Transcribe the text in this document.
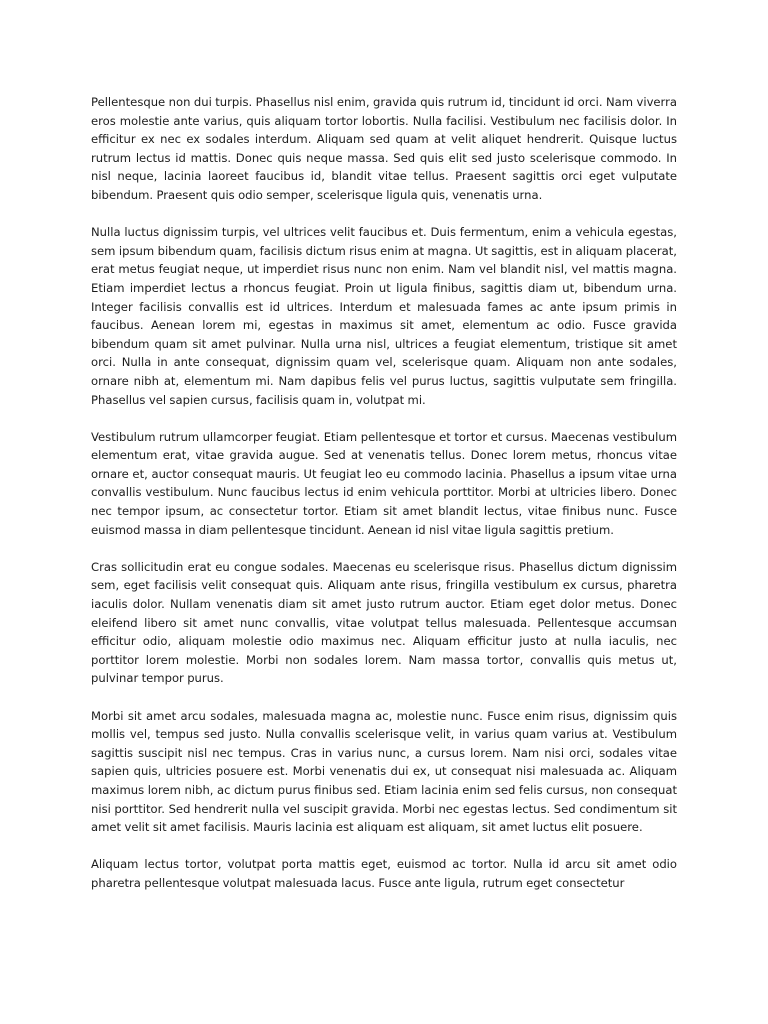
Pellentesque non dui turpis. Phasellus nisl enim, gravida quis rutrum id, tincidunt id orci. Nam viverra eros molestie ante varius, quis aliquam tortor lobortis. Nulla facilisi. Vestibulum nec facilisis dolor. In efficitur ex nec ex sodales interdum. Aliquam sed quam at velit aliquet hendrerit. Quisque luctus rutrum lectus id mattis. Donec quis neque massa. Sed quis elit sed justo scelerisque commodo. In nisl neque, lacinia laoreet faucibus id, blandit vitae tellus. Praesent sagittis orci eget vulputate bibendum. Praesent quis odio semper, scelerisque ligula quis, venenatis urna.

Nulla luctus dignissim turpis, vel ultrices velit faucibus et. Duis fermentum, enim a vehicula egestas, sem ipsum bibendum quam, facilisis dictum risus enim at magna. Ut sagittis, est in aliquam placerat, erat metus feugiat neque, ut imperdiet risus nunc non enim. Nam vel blandit nisl, vel mattis magna. Etiam imperdiet lectus a rhoncus feugiat. Proin ut ligula finibus, sagittis diam ut, bibendum urna. Integer facilisis convallis est id ultrices. Interdum et malesuada fames ac ante ipsum primis in faucibus. Aenean lorem mi, egestas in maximus sit amet, elementum ac odio. Fusce gravida bibendum quam sit amet pulvinar. Nulla urna nisl, ultrices a feugiat elementum, tristique sit amet orci. Nulla in ante consequat, dignissim quam vel, scelerisque quam. Aliquam non ante sodales, ornare nibh at, elementum mi. Nam dapibus felis vel purus luctus, sagittis vulputate sem fringilla. Phasellus vel sapien cursus, facilisis quam in, volutpat mi.

Vestibulum rutrum ullamcorper feugiat. Etiam pellentesque et tortor et cursus. Maecenas vestibulum elementum erat, vitae gravida augue. Sed at venenatis tellus. Donec lorem metus, rhoncus vitae ornare et, auctor consequat mauris. Ut feugiat leo eu commodo lacinia. Phasellus a ipsum vitae urna convallis vestibulum. Nunc faucibus lectus id enim vehicula porttitor. Morbi at ultricies libero. Donec nec tempor ipsum, ac consectetur tortor. Etiam sit amet blandit lectus, vitae finibus nunc. Fusce euismod massa in diam pellentesque tincidunt. Aenean id nisl vitae ligula sagittis pretium.

Cras sollicitudin erat eu congue sodales. Maecenas eu scelerisque risus. Phasellus dictum dignissim sem, eget facilisis velit consequat quis. Aliquam ante risus, fringilla vestibulum ex cursus, pharetra iaculis dolor. Nullam venenatis diam sit amet justo rutrum auctor. Etiam eget dolor metus. Donec eleifend libero sit amet nunc convallis, vitae volutpat tellus malesuada. Pellentesque accumsan efficitur odio, aliquam molestie odio maximus nec. Aliquam efficitur justo at nulla iaculis, nec porttitor lorem molestie. Morbi non sodales lorem. Nam massa tortor, convallis quis metus ut, pulvinar tempor purus.

Morbi sit amet arcu sodales, malesuada magna ac, molestie nunc. Fusce enim risus, dignissim quis mollis vel, tempus sed justo. Nulla convallis scelerisque velit, in varius quam varius at. Vestibulum sagittis suscipit nisl nec tempus. Cras in varius nunc, a cursus lorem. Nam nisi orci, sodales vitae sapien quis, ultricies posuere est. Morbi venenatis dui ex, ut consequat nisi malesuada ac. Aliquam maximus lorem nibh, ac dictum purus finibus sed. Etiam lacinia enim sed felis cursus, non consequat nisi porttitor. Sed hendrerit nulla vel suscipit gravida. Morbi nec egestas lectus. Sed condimentum sit amet velit sit amet facilisis. Mauris lacinia est aliquam est aliquam, sit amet luctus elit posuere.

Aliquam lectus tortor, volutpat porta mattis eget, euismod ac tortor. Nulla id arcu sit amet odio pharetra pellentesque volutpat malesuada lacus. Fusce ante ligula, rutrum eget consectetur
